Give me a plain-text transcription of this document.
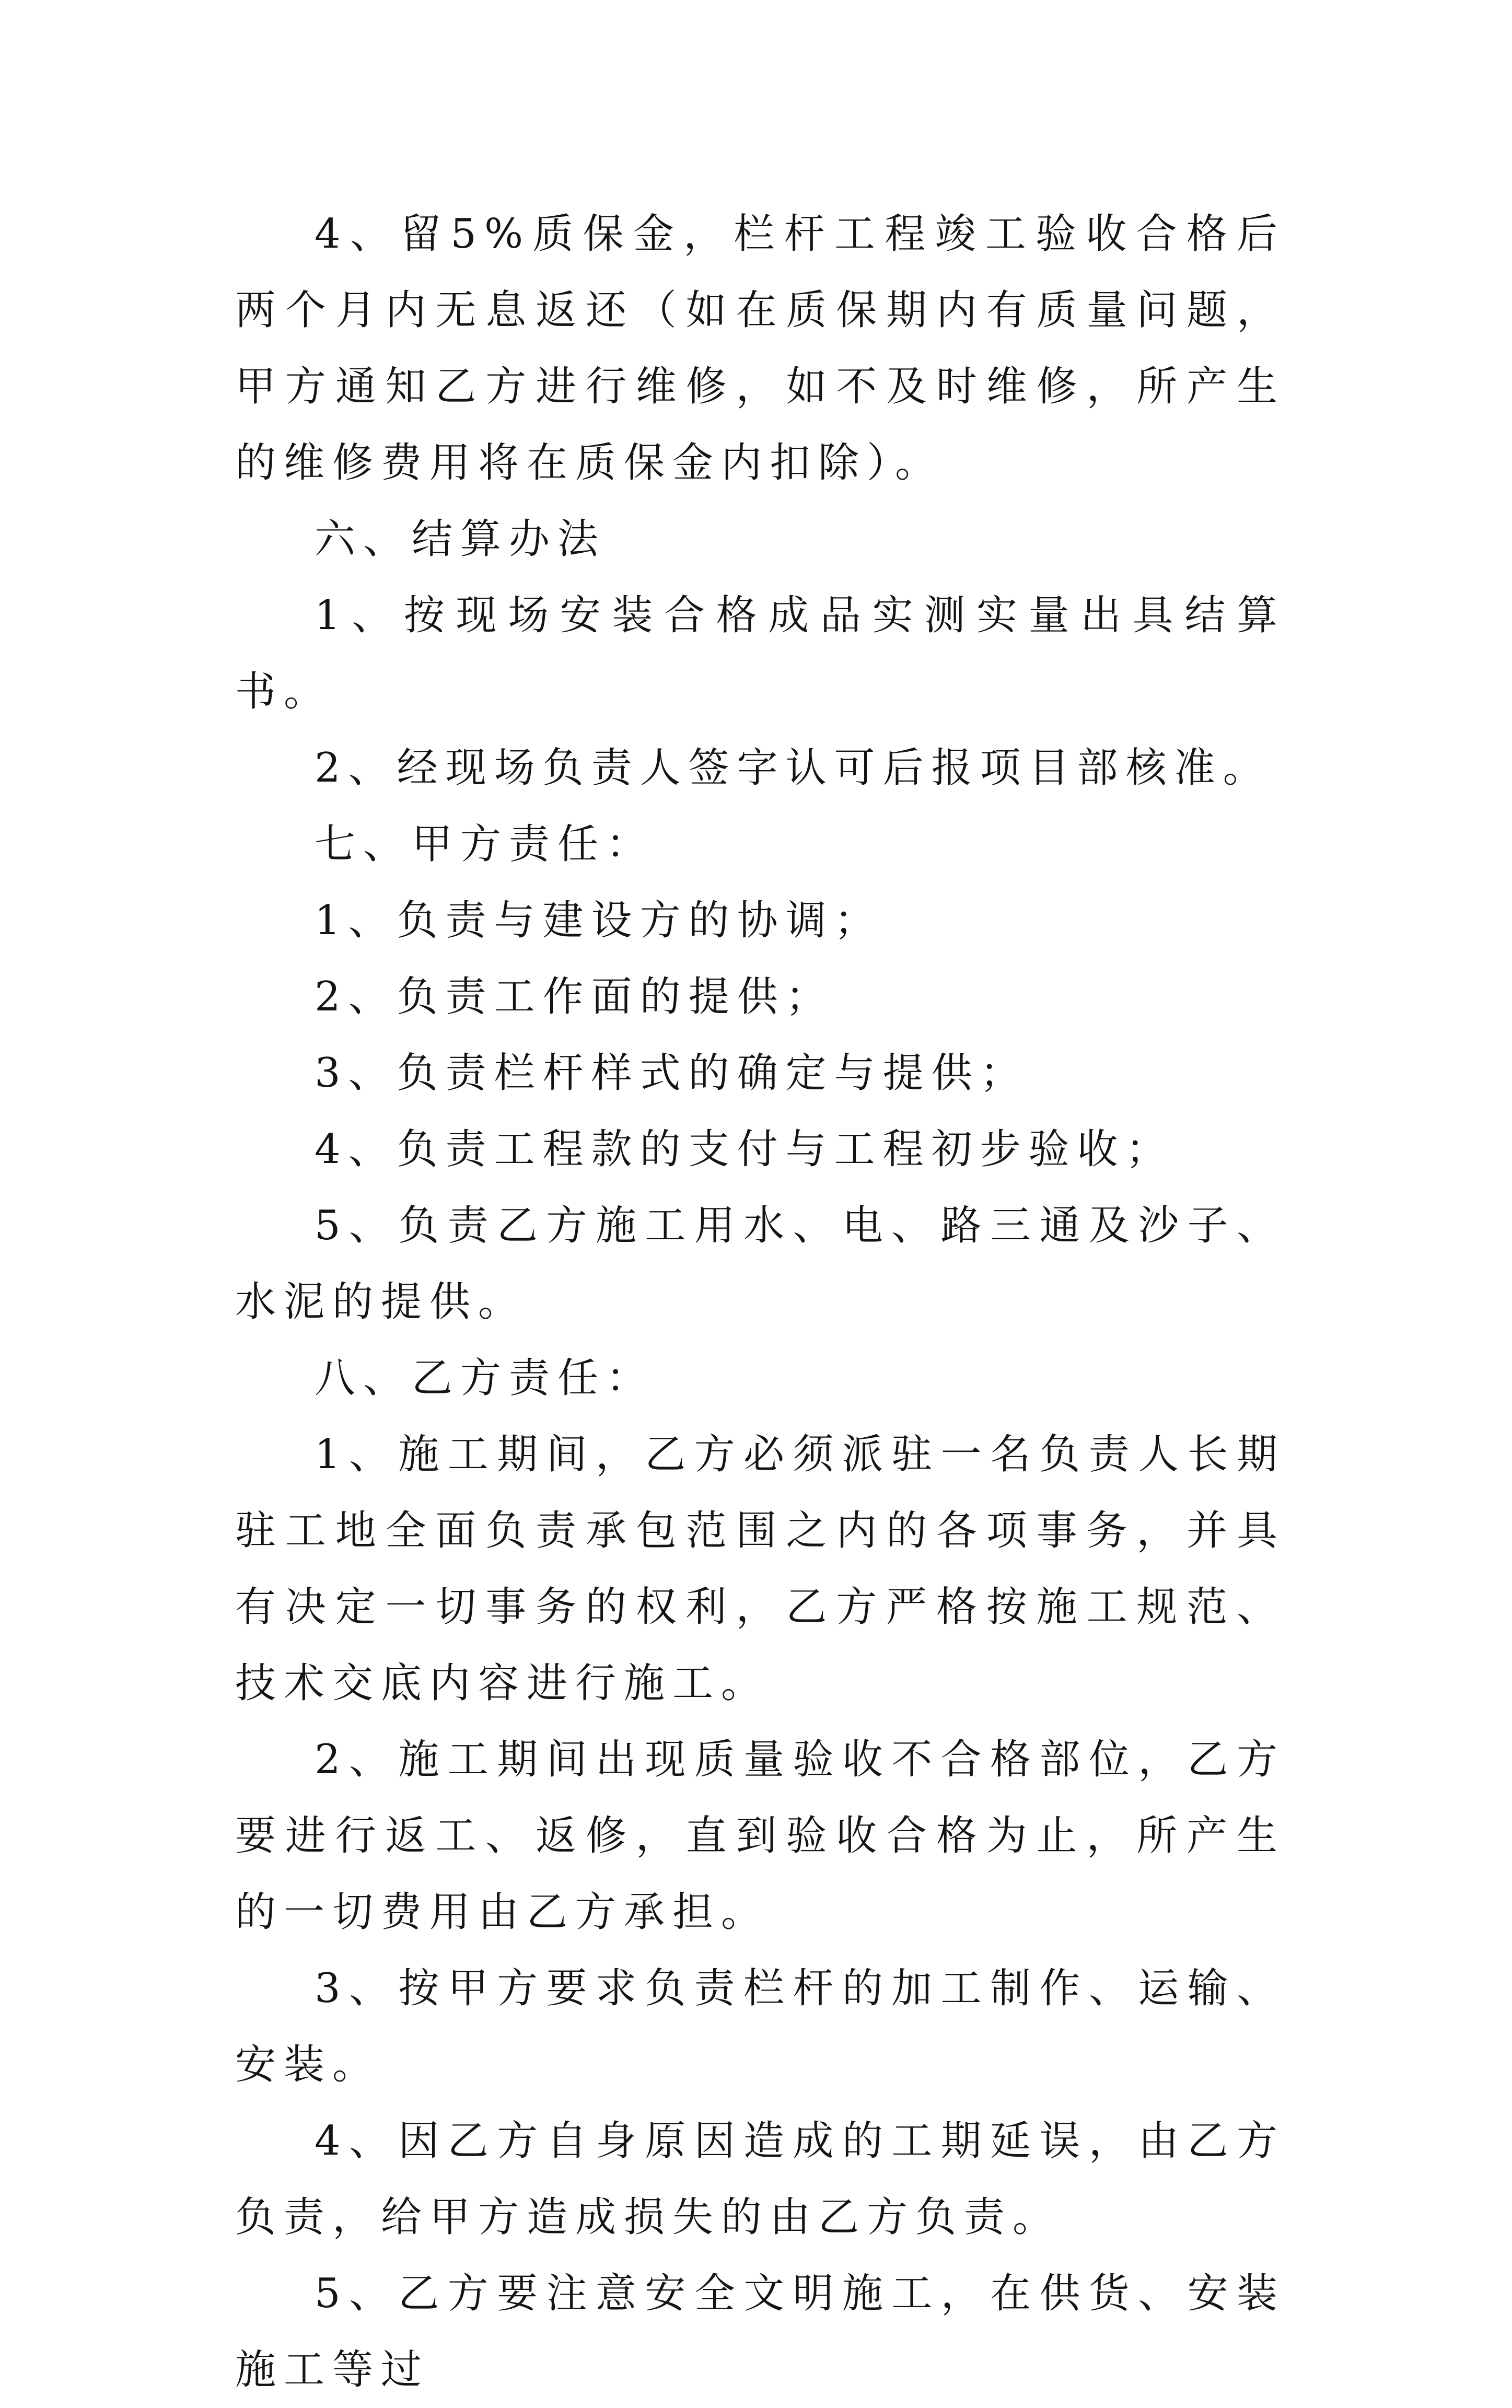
4、留5%质保金，栏杆工程竣工验收合格后两个月内无息返还（如在质保期内有质量问题，甲方通知乙方进行维修，如不及时维修，所产生的维修费用将在质保金内扣除）。

六、结算办法

1、按现场安装合格成品实测实量出具结算书。

2、经现场负责人签字认可后报项目部核准。

七、甲方责任：

1、负责与建设方的协调；

2、负责工作面的提供；

3、负责栏杆样式的确定与提供；

4、负责工程款的支付与工程初步验收；

5、负责乙方施工用水、电、路三通及沙子、水泥的提供。

八、乙方责任：

1、施工期间，乙方必须派驻一名负责人长期驻工地全面负责承包范围之内的各项事务，并具有决定一切事务的权利，乙方严格按施工规范、技术交底内容进行施工。

2、施工期间出现质量验收不合格部位，乙方要进行返工、返修，直到验收合格为止，所产生的一切费用由乙方承担。

3、按甲方要求负责栏杆的加工制作、运输、安装。

4、因乙方自身原因造成的工期延误，由乙方负责，给甲方造成损失的由乙方负责。

5、乙方要注意安全文明施工，在供货、安装施工等过
